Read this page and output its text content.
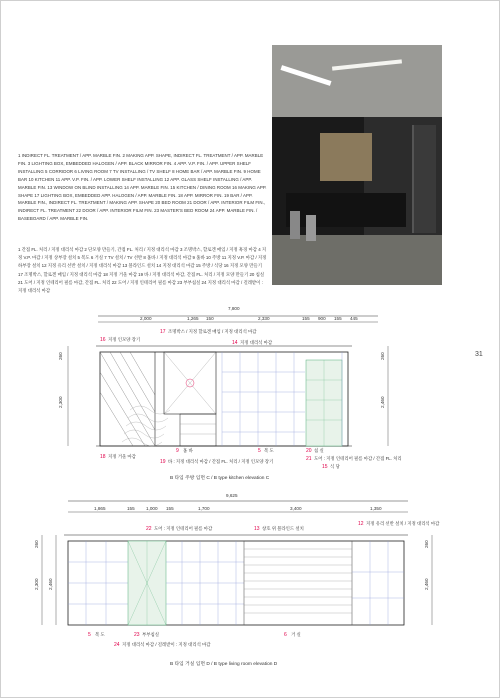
1 INDIRECT FL. TREATMENT / APP. MARBLE FIN. 2 MAKING APP. SHAPE, INDIRECT FL. TREATMENT / APP. MARBLE FIN. 3 LIGHTING BOX, EMBEDDED HALOGEN / APP. BLACK MIRROR FIN. 4 APP. V.P. FIN. / APP. UPPER SHELF INSTALLING 5 CORRIDOR 6 LIVING ROOM 7 TV INSTALLING / TV SHELF 8 HOME BAR / APP. MARBLE FIN. 9 HOME BAR 10 KITCHEN 11 APP. V.P. FIN. / APP. LOWER SHELF INSTALLING 12 APP. GLASS SHELF INSTALLING / APP. MARBLE FIN. 13 WINDOW ON BLIND INSTALLING 14 APP. MARBLE FIN. 15 KITCHEN / DINING ROOM 16 MAKING APP. SHAPE 17 LIGHTING BOX, EMBEDDED APP. HALOGEN / APP. MARBLE FIN. 18 APP. MIRROR FIN. 19 BAR / APP. MARBLE FIN., INDIRECT FL. TREATMENT / MAKING APP. SHAPE 20 BED ROOM 21 DOOR / APP. INTERIOR FILM FIN., INDIRECT FL. TREATMENT 22 DOOR / APP. INTERIOR FILM FIN. 23 MASTER'S BED ROOM 24 APP. MARBLE FIN. / BASEBOARD / APP. MARBLE FIN.
1 간접 FL. 처리 / 지정 대리석 마감 2 단모양 만들기, 간접 FL. 처리 / 지정 대리석 마감 3 조명박스, 할로겐 매입 / 지정 흑경 마감 4 지정 V.P. 마감 / 지정 상부장 설치 5 복도 6 거실 7 TV 설치 / TV 선반 8 홈바 / 지정 대리석 마감 9 홈바 10 주방 11 지정 V.P. 마감 / 지정 하부장 설치 12 지정 유리 선반 설치 / 지정 대리석 마감 13 블라인드 설치 14 지정 대리석 마감 15 주방 / 식당 16 지정 모양 만들기 17 조명박스, 할로겐 매입 / 지정 대리석 마감 18 지정 거울 마감 19 바 / 지정 대리석 마감, 간접 FL. 처리 / 지정 모양 만들기 20 침실 21 도어 / 지정 인테리어 필름 마감, 간접 FL. 처리 22 도어 / 지정 인테리어 필름 마감 23 부부침실 24 지정 대리석 마감 / 걸레받이 : 지정 대리석 마감
31
7,800
2,000	1,265 150	2,330	155 900 155 445
260
2,300
260
2,460
16 지정 인모양 장기
17 조명박스 / 지정 할로겐 매입 / 지정 대리석 마감
14 지정 대리석 마감
18 지정 거울 마감
9 홈 바
19 바 : 지정 대리석 마감 / 간접 FL. 처리 / 지정 인모양 장기
5 복 도	20 침 실
21 도어 : 지정 인테리어 필름 마감 / 간접 FL. 처리
15 식 당
9,625
1,865	155 1,000 155	1,700	3,400	1,350
260
2,300 2,460
260
2,460
22 도어 : 지정 인테리어 필름 마감	13 창호 위 블라인드 설치
12 지정 유리 선반 설치 / 지정 대리석 마감
5 복 도	23 부부침실	6 거 실
24 지정 대리석 마감 / 걸레받이 : 지정 대리석 마감
B 타입 주방 입면 C / B type kitchen elevation C
B 타입 거실 입면 D / B type living room elevation D
